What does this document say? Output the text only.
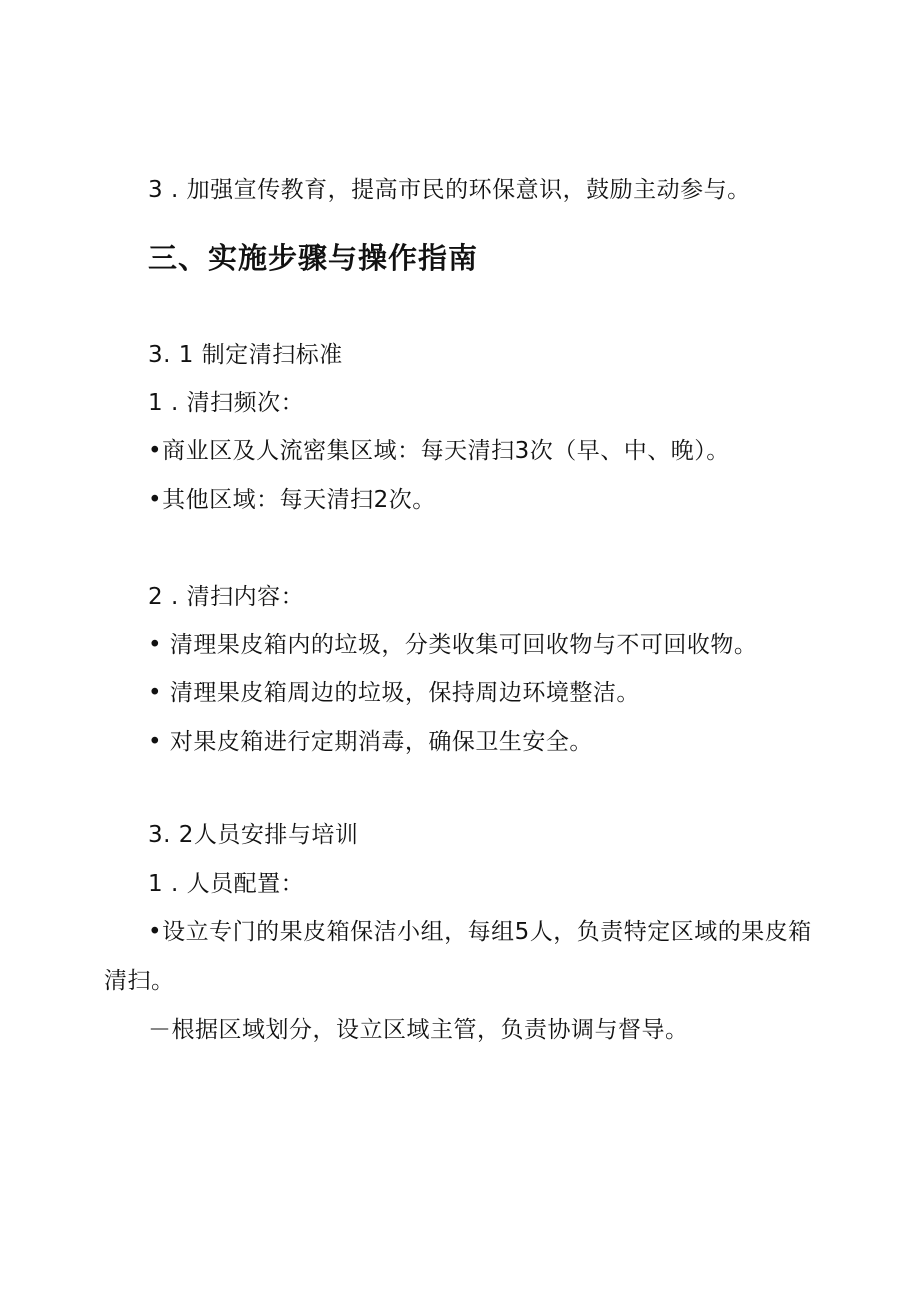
3 . 加强宣传教育，提高市民的环保意识，鼓励主动参与。
三、实施步骤与操作指南
3. 1 制定清扫标准
1 . 清扫频次：
•商业区及人流密集区域：每天清扫3次（早、中、晚）。
•其他区域：每天清扫2次。
2 . 清扫内容：
• 清理果皮箱内的垃圾，分类收集可回收物与不可回收物。
• 清理果皮箱周边的垃圾，保持周边环境整洁。
• 对果皮箱进行定期消毒，确保卫生安全。
3. 2人员安排与培训
1 . 人员配置：
•设立专门的果皮箱保洁小组，每组5人，负责特定区域的果皮箱
清扫。
－根据区域划分，设立区域主管，负责协调与督导。
